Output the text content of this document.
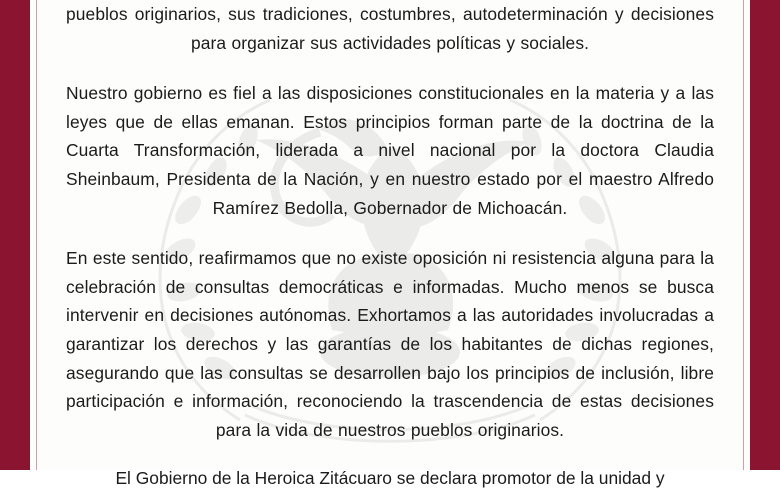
pueblos originarios, sus tradiciones, costumbres, autodeterminación y decisiones para organizar sus actividades políticas y sociales.

Nuestro gobierno es fiel a las disposiciones constitucionales en la materia y a las leyes que de ellas emanan. Estos principios forman parte de la doctrina de la Cuarta Transformación, liderada a nivel nacional por la doctora Claudia Sheinbaum, Presidenta de la Nación, y en nuestro estado por el maestro Alfredo Ramírez Bedolla, Gobernador de Michoacán.

En este sentido, reafirmamos que no existe oposición ni resistencia alguna para la celebración de consultas democráticas e informadas. Mucho menos se busca intervenir en decisiones autónomas. Exhortamos a las autoridades involucradas a garantizar los derechos y las garantías de los habitantes de dichas regiones, asegurando que las consultas se desarrollen bajo los principios de inclusión, libre participación e información, reconociendo la trascendencia de estas decisiones para la vida de nuestros pueblos originarios.

El Gobierno de la Heroica Zitácuaro se declara promotor de la unidad y
